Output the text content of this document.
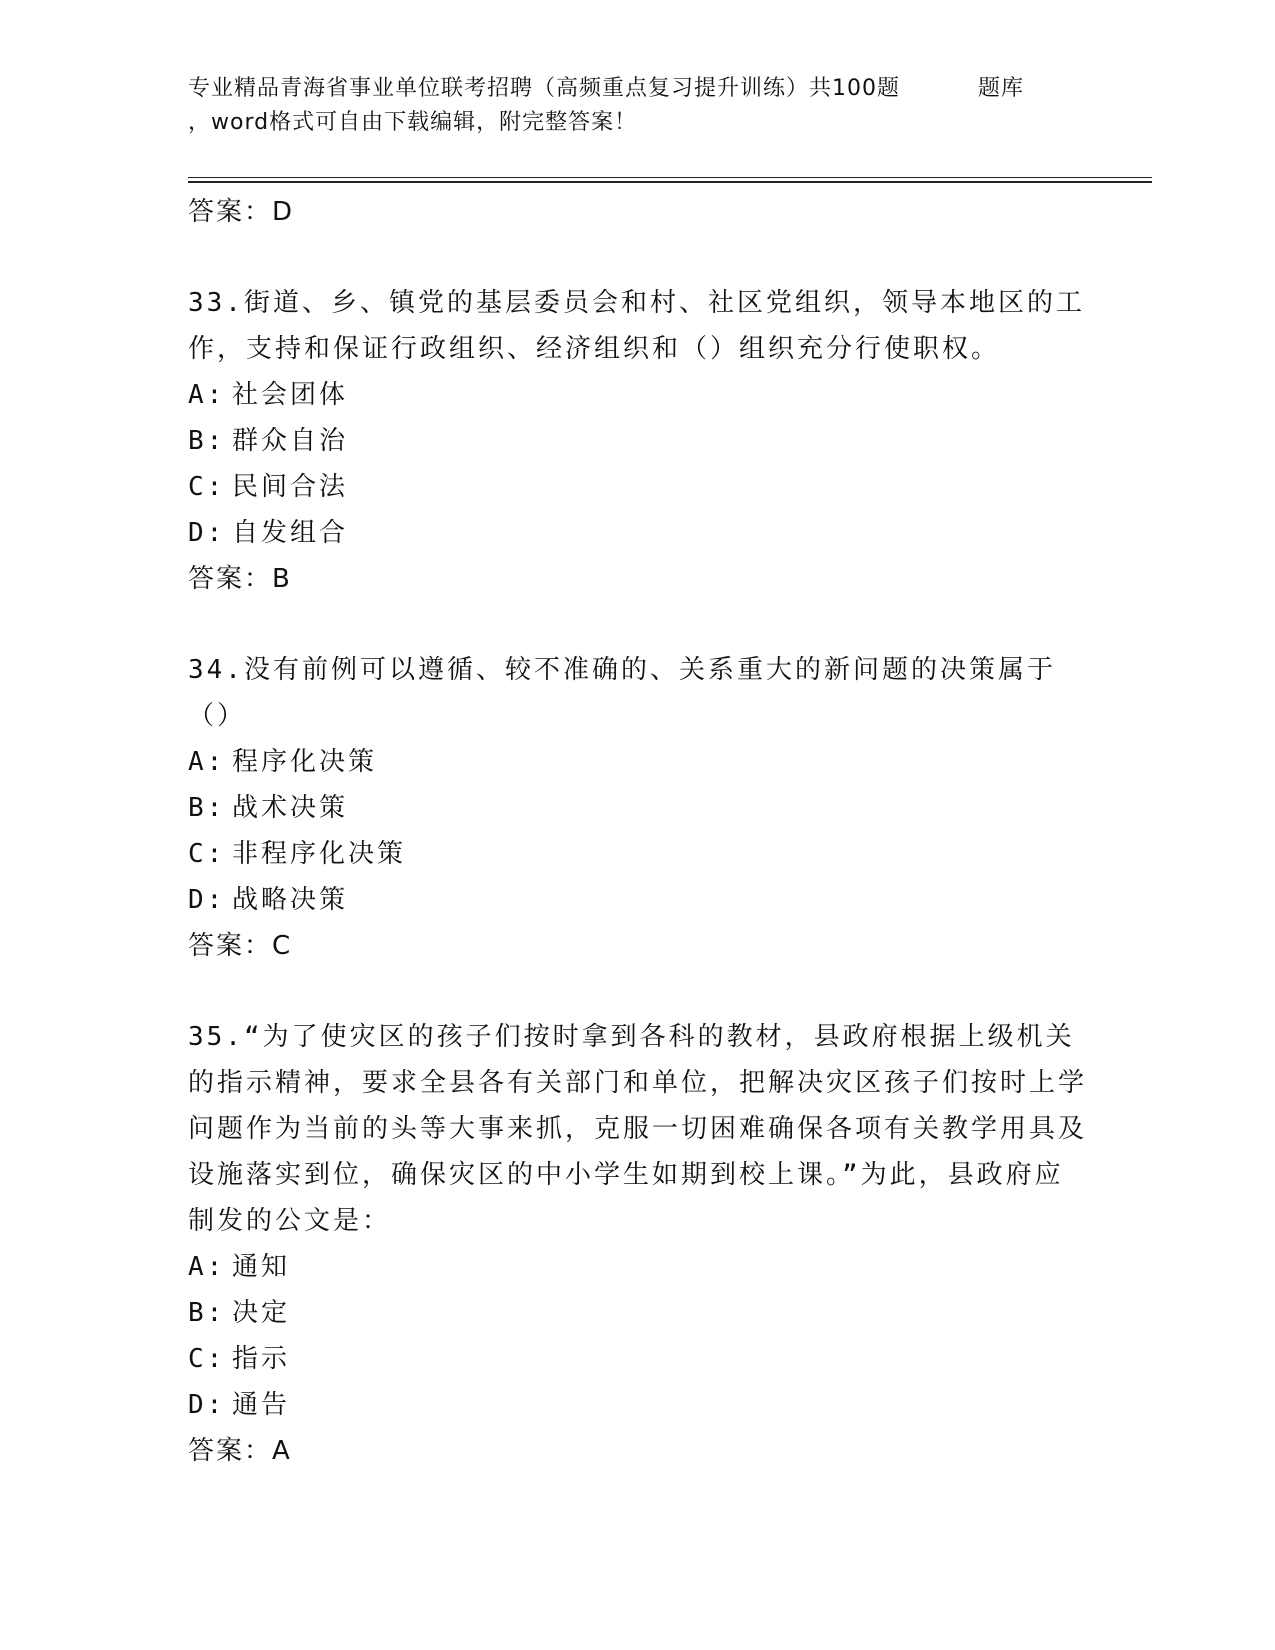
专业精品青海省事业单位联考招聘（高频重点复习提升训练）共100题	题库
，word格式可自由下载编辑，附完整答案！
答案：D
33.街道、乡、镇党的基层委员会和村、社区党组织，领导本地区的工作，支持和保证行政组织、经济组织和（）组织充分行使职权。
A: 社会团体
B: 群众自治
C: 民间合法
D: 自发组合
答案：B
34.没有前例可以遵循、较不准确的、关系重大的新问题的决策属于（）
A: 程序化决策
B: 战术决策
C: 非程序化决策
D: 战略决策
答案：C
35.“为了使灾区的孩子们按时拿到各科的教材，县政府根据上级机关的指示精神，要求全县各有关部门和单位，把解决灾区孩子们按时上学问题作为当前的头等大事来抓，克服一切困难确保各项有关教学用具及设施落实到位，确保灾区的中小学生如期到校上课。”为此，县政府应制发的公文是：
A: 通知
B: 决定
C: 指示
D: 通告
答案：A
